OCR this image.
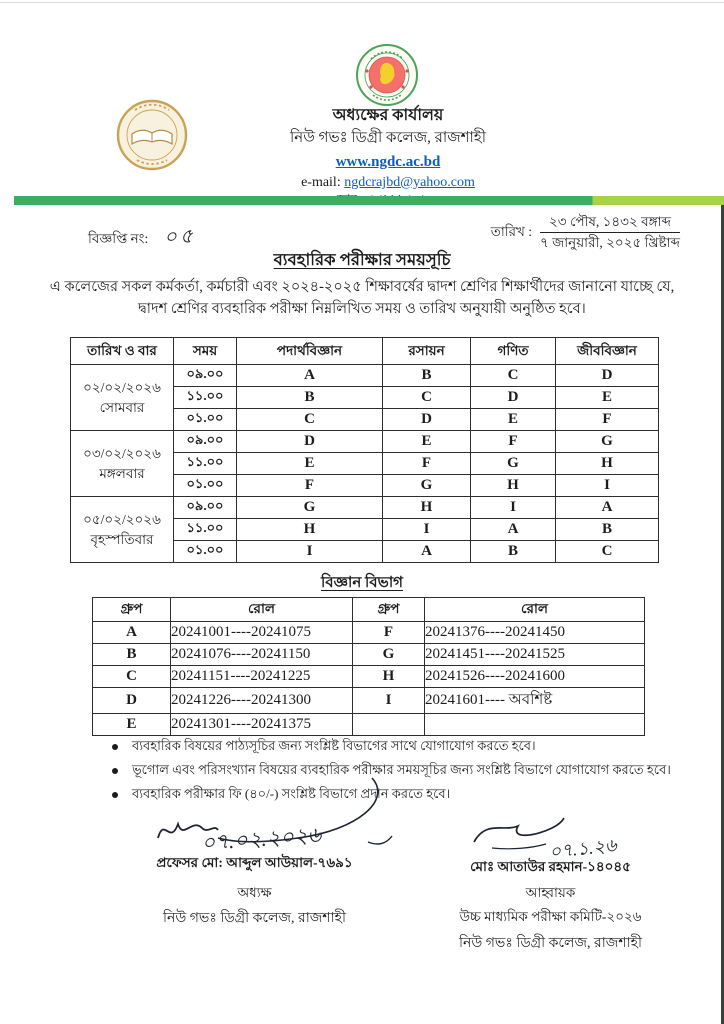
অধ্যক্ষের কার্যালয়
নিউ গভঃ ডিগ্রী কলেজ, রাজশাহী
www.ngdc.ac.bd
e-mail: ngdcrajbd@yahoo.com
বিজ্ঞপ্তি নং: ০৫	তারিখ :
২৩ পৌষ, ১৪৩২ বঙ্গাব্দ
৭ জানুয়ারী, ২০২৫ খ্রিষ্টাব্দ
ব্যবহারিক পরীক্ষার সময়সূচি
এ কলেজের সকল কর্মকর্তা, কর্মচারী এবং ২০২৪-২০২৫ শিক্ষাবর্ষের দ্বাদশ শ্রেণির শিক্ষার্থীদের জানানো যাচ্ছে যে, দ্বাদশ শ্রেণির ব্যবহারিক পরীক্ষা নিম্নলিখিত সময় ও তারিখ অনুযায়ী অনুষ্ঠিত হবে।
তারিখ ও বার	সময়	পদার্থবিজ্ঞান	রসায়ন	গণিত	জীববিজ্ঞান

০২/০২/২০২৬
সোমবার	০৯.০০	A	B	C	D
	১১.০০	B	C	D	E
	০১.০০	C	D	E	F

০৩/০২/২০২৬
মঙ্গলবার	০৯.০০	D	E	F	G
	১১.০০	E	F	G	H
	০১.০০	F	G	H	I

০৫/০২/২০২৬
বৃহস্পতিবার	০৯.০০	G	H	I	A
	১১.০০	H	I	A	B
	০১.০০	I	A	B	C
বিজ্ঞান বিভাগ
গ্রুপ	রোল	গ্রুপ	রোল
A	20241001----20241075	F	20241376----20241450
B	20241076----20241150	G	20241451----20241525
C	20241151----20241225	H	20241526----20241600
D	20241226----20241300	I	20241601---- অবশিষ্ট
E	20241301----20241375		
ব্যবহারিক বিষয়ের পাঠ্যসূচির জন্য সংশ্লিষ্ট বিভাগের সাথে যোগাযোগ করতে হবে।
ভূগোল এবং পরিসংখ্যান বিষয়ের ব্যবহারিক পরীক্ষার সময়সূচির জন্য সংশ্লিষ্ট বিভাগে যোগাযোগ করতে হবে।
ব্যবহারিক পরীক্ষার ফি (৪০/-) সংশ্লিষ্ট বিভাগে প্রদান করতে হবে।
০৭.০২.২০২৬
প্রফেসর মো: আব্দুল আউয়াল-৭৬৯১
অধ্যক্ষ
নিউ গভঃ ডিগ্রী কলেজ, রাজশাহী
০৭.১.২৬
মোঃ আতাউর রহমান-১৪০৪৫
আহ্বায়ক
উচ্চ মাধ্যমিক পরীক্ষা কমিটি-২০২৬
নিউ গভঃ ডিগ্রী কলেজ, রাজশাহী
